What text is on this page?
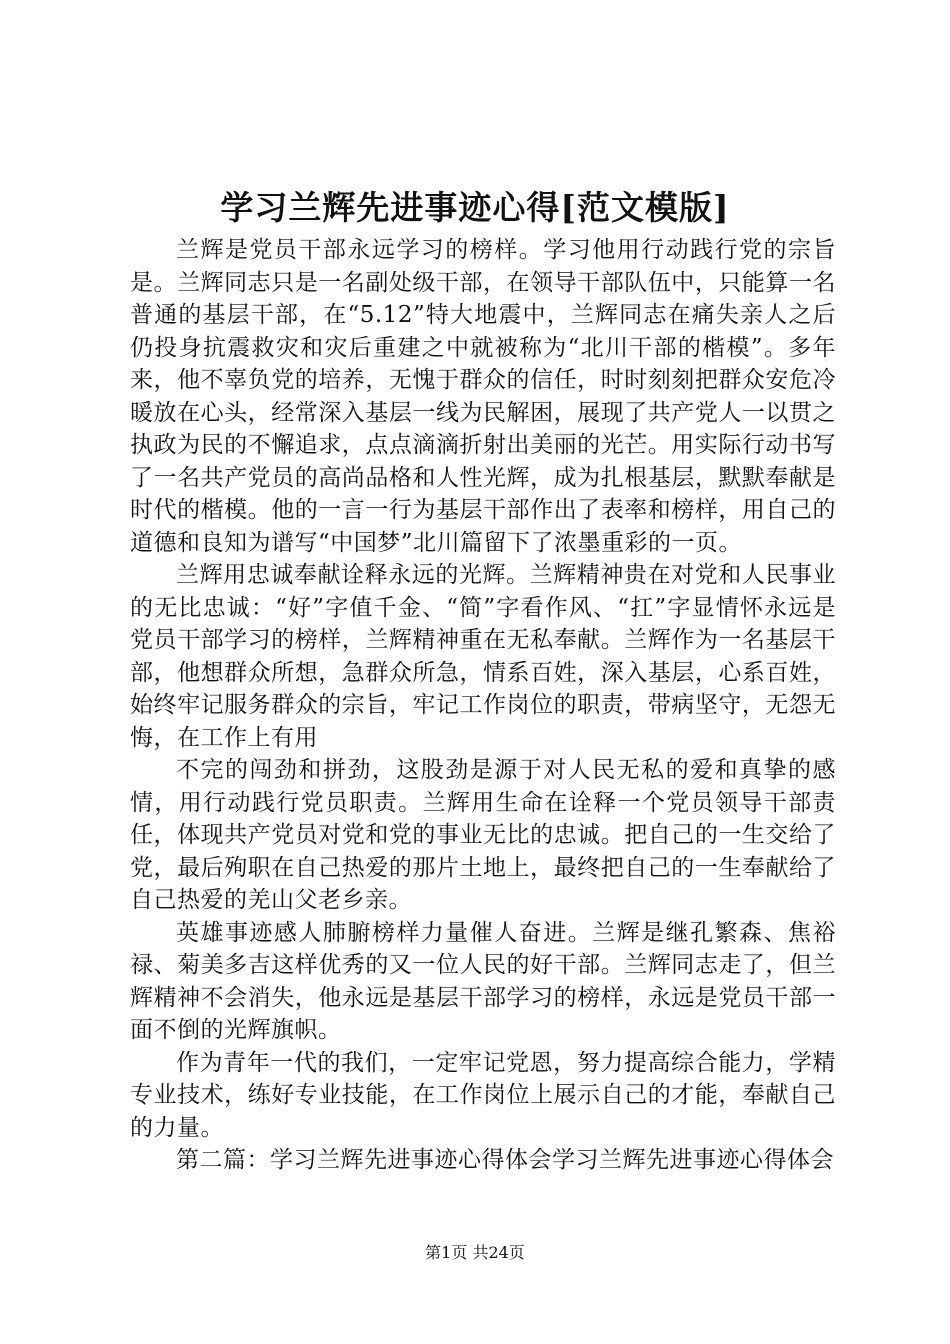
学习兰辉先进事迹心得[范文模版]

兰辉是党员干部永远学习的榜样。学习他用行动践行党的宗旨是。兰辉同志只是一名副处级干部，在领导干部队伍中，只能算一名普通的基层干部，在“5.12”特大地震中，兰辉同志在痛失亲人之后仍投身抗震救灾和灾后重建之中就被称为“北川干部的楷模”。多年来，他不辜负党的培养，无愧于群众的信任，时时刻刻把群众安危冷暖放在心头，经常深入基层一线为民解困，展现了共产党人一以贯之执政为民的不懈追求，点点滴滴折射出美丽的光芒。用实际行动书写了一名共产党员的高尚品格和人性光辉，成为扎根基层，默默奉献是时代的楷模。他的一言一行为基层干部作出了表率和榜样，用自己的道德和良知为谱写“中国梦”北川篇留下了浓墨重彩的一页。

兰辉用忠诚奉献诠释永远的光辉。兰辉精神贵在对党和人民事业的无比忠诚：“好”字值千金、“简”字看作风、“扛”字显情怀永远是党员干部学习的榜样，兰辉精神重在无私奉献。兰辉作为一名基层干部，他想群众所想，急群众所急，情系百姓，深入基层，心系百姓，始终牢记服务群众的宗旨，牢记工作岗位的职责，带病坚守，无怨无悔，在工作上有用

不完的闯劲和拼劲，这股劲是源于对人民无私的爱和真挚的感情，用行动践行党员职责。兰辉用生命在诠释一个党员领导干部责任，体现共产党员对党和党的事业无比的忠诚。把自己的一生交给了党，最后殉职在自己热爱的那片土地上，最终把自己的一生奉献给了自己热爱的羌山父老乡亲。

英雄事迹感人肺腑榜样力量催人奋进。兰辉是继孔繁森、焦裕禄、菊美多吉这样优秀的又一位人民的好干部。兰辉同志走了，但兰辉精神不会消失，他永远是基层干部学习的榜样，永远是党员干部一面不倒的光辉旗帜。

作为青年一代的我们，一定牢记党恩，努力提高综合能力，学精专业技术，练好专业技能，在工作岗位上展示自己的才能，奉献自己的力量。

第二篇：学习兰辉先进事迹心得体会学习兰辉先进事迹心得体会

第1页 共24页
